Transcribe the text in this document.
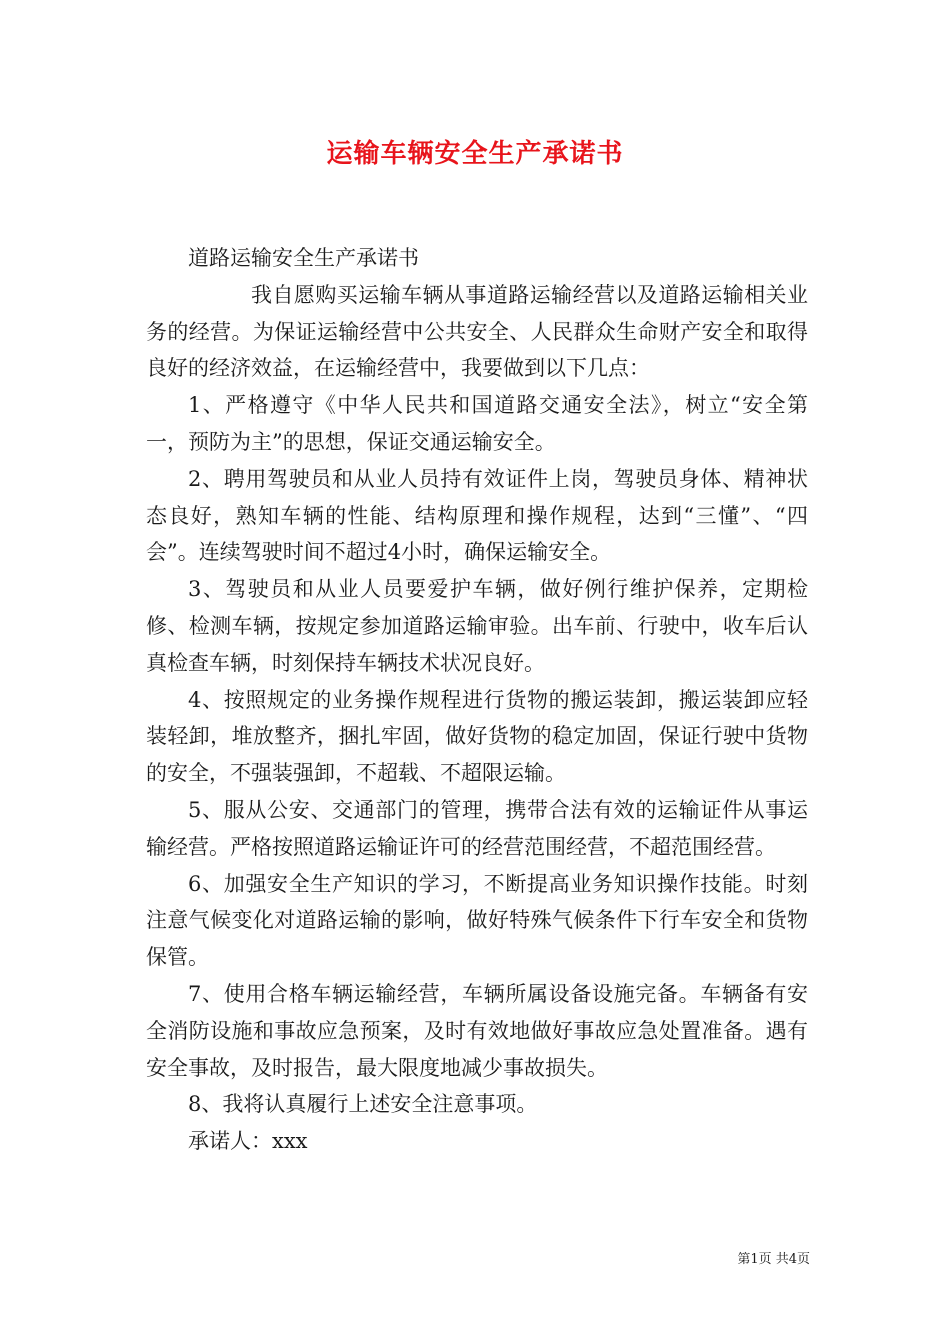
运输车辆安全生产承诺书

道路运输安全生产承诺书

我自愿购买运输车辆从事道路运输经营以及道路运输相关业务的经营。为保证运输经营中公共安全、人民群众生命财产安全和取得良好的经济效益，在运输经营中，我要做到以下几点：

1、严格遵守《中华人民共和国道路交通安全法》，树立“安全第一，预防为主”的思想，保证交通运输安全。

2、聘用驾驶员和从业人员持有效证件上岗，驾驶员身体、精神状态良好，熟知车辆的性能、结构原理和操作规程，达到“三懂”、“四会”。连续驾驶时间不超过4小时，确保运输安全。

3、驾驶员和从业人员要爱护车辆，做好例行维护保养，定期检修、检测车辆，按规定参加道路运输审验。出车前、行驶中，收车后认真检查车辆，时刻保持车辆技术状况良好。

4、按照规定的业务操作规程进行货物的搬运装卸，搬运装卸应轻装轻卸，堆放整齐，捆扎牢固，做好货物的稳定加固，保证行驶中货物的安全，不强装强卸，不超载、不超限运输。

5、服从公安、交通部门的管理，携带合法有效的运输证件从事运输经营。严格按照道路运输证许可的经营范围经营，不超范围经营。

6、加强安全生产知识的学习，不断提高业务知识操作技能。时刻注意气候变化对道路运输的影响，做好特殊气候条件下行车安全和货物保管。

7、使用合格车辆运输经营，车辆所属设备设施完备。车辆备有安全消防设施和事故应急预案，及时有效地做好事故应急处置准备。遇有安全事故，及时报告，最大限度地减少事故损失。

8、我将认真履行上述安全注意事项。

承诺人：xxx

第1页 共4页
